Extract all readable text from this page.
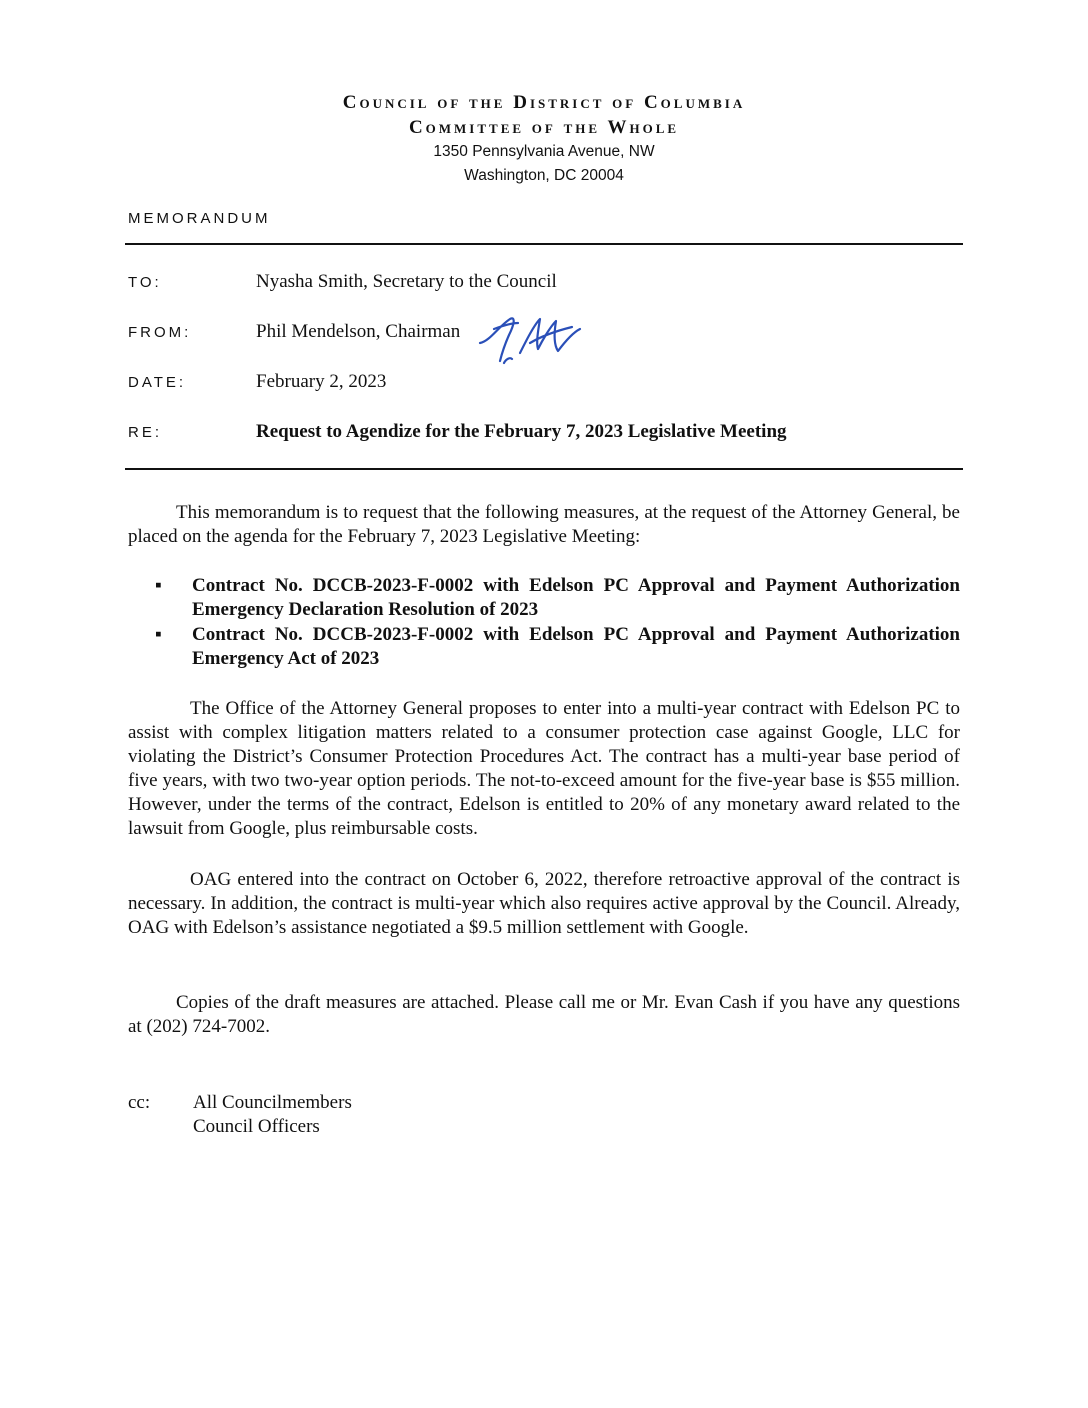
Council of the District of Columbia
Committee of the Whole
1350 Pennsylvania Avenue, NW
Washington, DC 20004
MEMORANDUM
TO:	Nyasha Smith, Secretary to the Council
FROM:	Phil Mendelson, Chairman
DATE:	February 2, 2023
RE:	Request to Agendize for the February 7, 2023 Legislative Meeting

This memorandum is to request that the following measures, at the request of the Attorney General, be placed on the agenda for the February 7, 2023 Legislative Meeting:

▪ Contract No. DCCB-2023-F-0002 with Edelson PC Approval and Payment Authorization Emergency Declaration Resolution of 2023
▪ Contract No. DCCB-2023-F-0002 with Edelson PC Approval and Payment Authorization Emergency Act of 2023

The Office of the Attorney General proposes to enter into a multi-year contract with Edelson PC to assist with complex litigation matters related to a consumer protection case against Google, LLC for violating the District’s Consumer Protection Procedures Act. The contract has a multi-year base period of five years, with two two-year option periods. The not-to-exceed amount for the five-year base is $55 million. However, under the terms of the contract, Edelson is entitled to 20% of any monetary award related to the lawsuit from Google, plus reimbursable costs.

OAG entered into the contract on October 6, 2022, therefore retroactive approval of the contract is necessary. In addition, the contract is multi-year which also requires active approval by the Council. Already, OAG with Edelson’s assistance negotiated a $9.5 million settlement with Google.

Copies of the draft measures are attached. Please call me or Mr. Evan Cash if you have any questions at (202) 724-7002.

cc: All Councilmembers
Council Officers
